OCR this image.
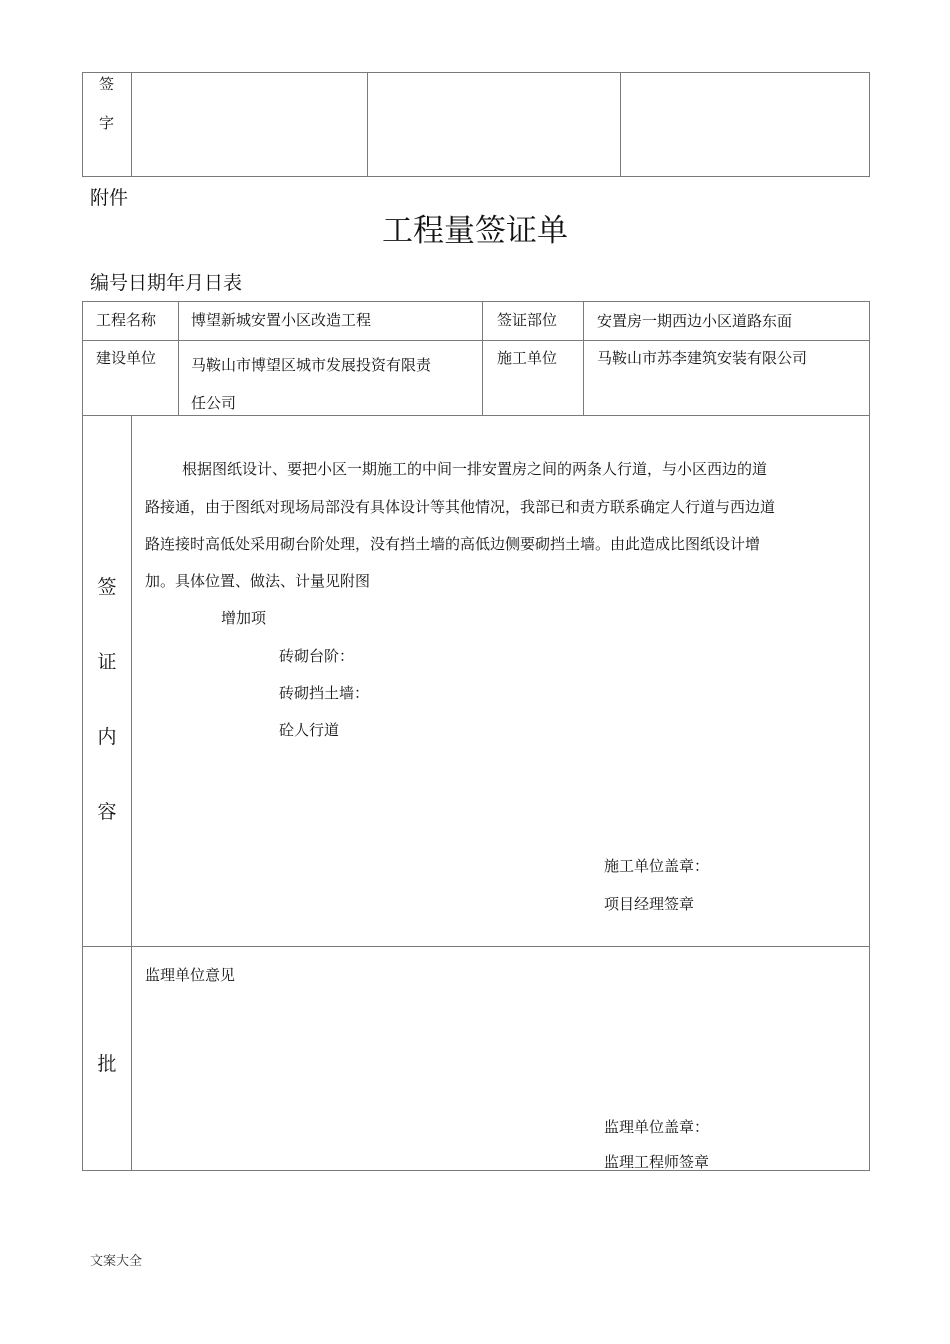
签
字
附件
工程量签证单
编号日期年月日表
工程名称 博望新城安置小区改造工程	签证部位	安置房一期西边小区道路东面
建设单位 马鞍山市博望区城市发展投资有限责
任公司
施工单位	马鞍山市苏李建筑安装有限公司
签
证
内
容
根据图纸设计、要把小区一期施工的中间一排安置房之间的两条人行道，与小区西边的道
路接通，由于图纸对现场局部没有具体设计等其他情况，我部已和责方联系确定人行道与西边道
路连接时高低处采用砌台阶处理，没有挡土墙的高低边侧要砌挡土墙。由此造成比图纸设计增
加。具体位置、做法、计量见附图
增加项
砖砌台阶：
砖砌挡土墙：
砼人行道
施工单位盖章：
项目经理签章
批
监理单位意见
监理单位盖章：
监理工程师签章
文案大全
